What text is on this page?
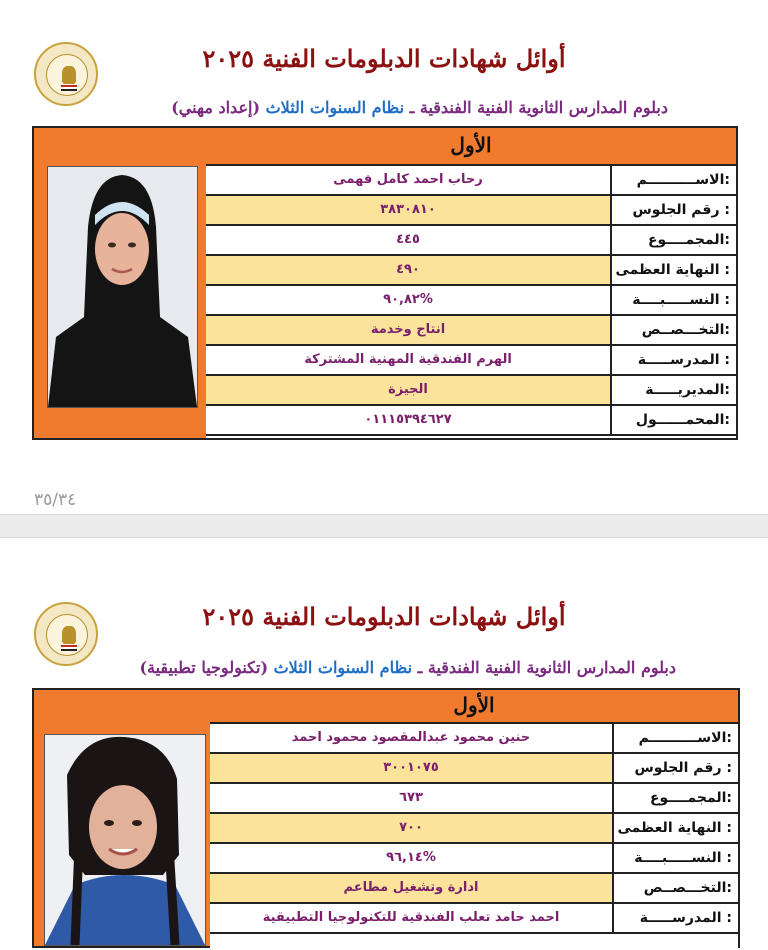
أوائل شهادات الدبلومات الفنية ٢٠٢٥
دبلوم المدارس الثانوية الفنية الفندقية ـ نظام السنوات الثلاث (إعداد مهني)
الأول
رحاب احمد كامل فهمى	الاســــــــــم:
٣٨٣٠٨١٠	رقم الجلوس :
٤٤٥	المجمــــوع:
٤٩٠	النهاية العظمى :
%٩٠,٨٢	النســـــبــــة :
انتاج وخدمة	التخـــصــص:
الهرم الفندقية المهنية المشتركة	المدرســـــة :
الجيزة	المديريـــــة:
٠١١١٥٣٩٤٦٢٧	المحمــــــول:
٣٥/٣٤
أوائل شهادات الدبلومات الفنية ٢٠٢٥
دبلوم المدارس الثانوية الفنية الفندقية ـ نظام السنوات الثلاث (تكنولوجيا تطبيقية)
الأول
حنين محمود عبدالمقصود محمود احمد	الاســــــــــم:
٣٠٠١٠٧٥	رقم الجلوس :
٦٧٣	المجمــــوع:
٧٠٠	النهاية العظمى :
%٩٦,١٤	النســـــبــــة :
ادارة وتشغيل مطاعم	التخـــصــص:
احمد حامد تعلب الفندقية للتكنولوجيا التطبيقية	المدرســـــة :
